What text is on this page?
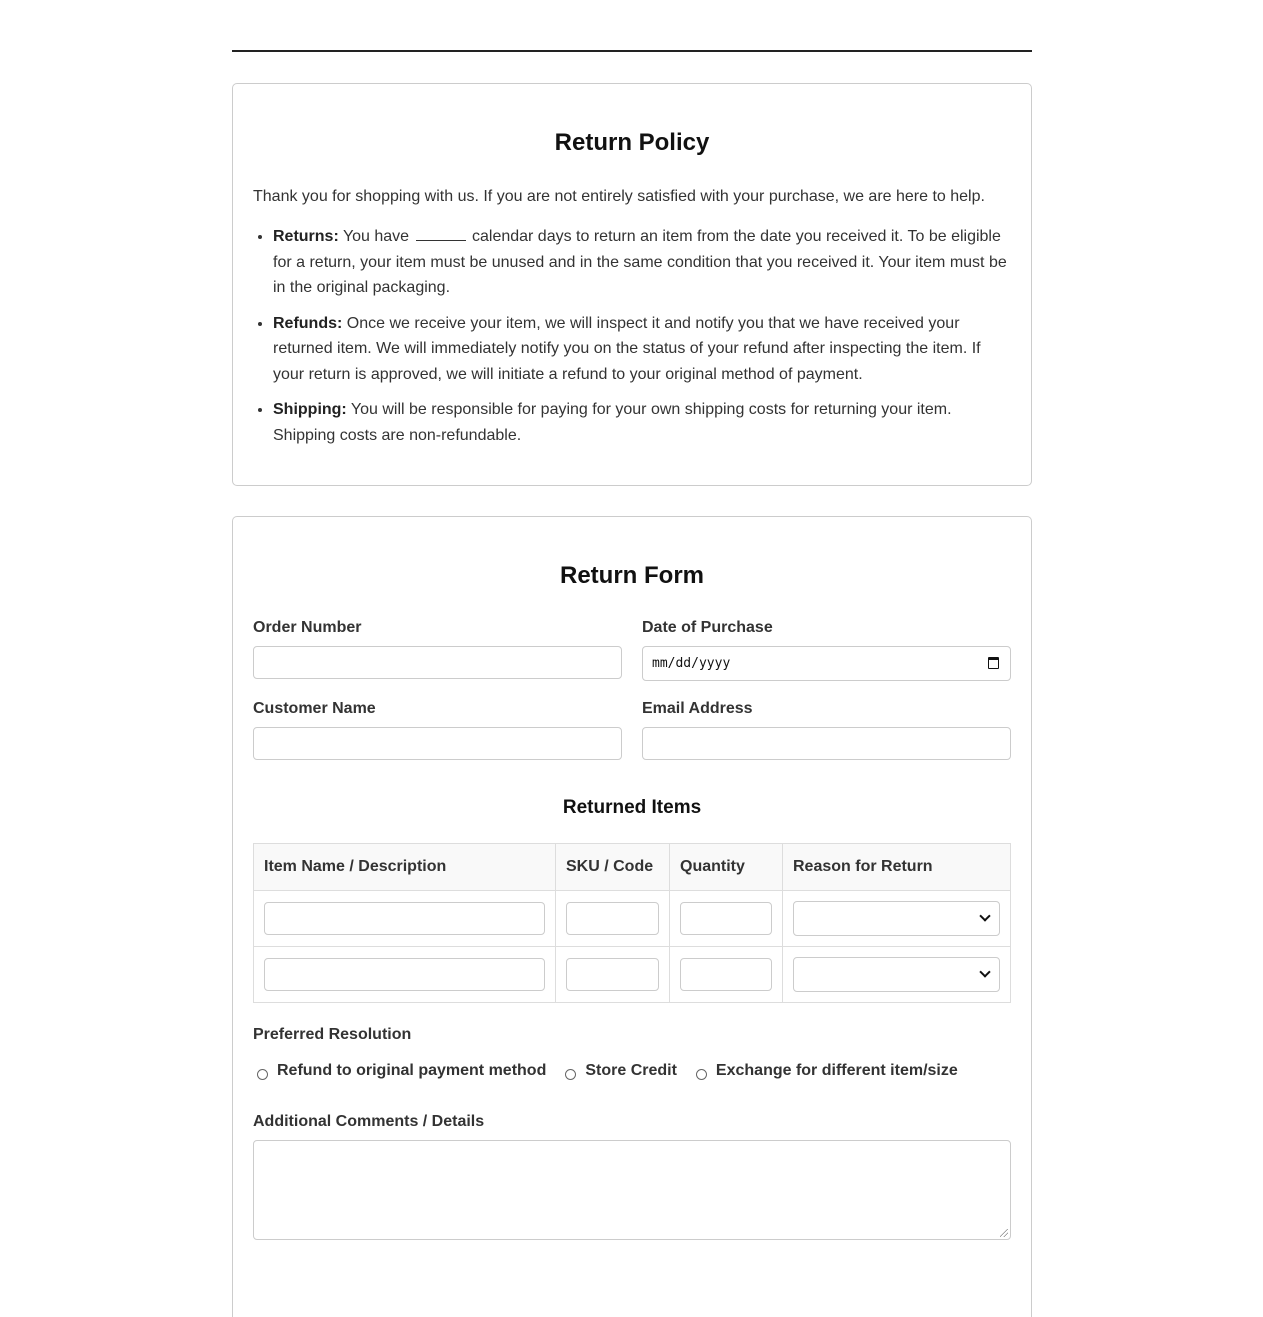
Return Policy

Thank you for shopping with us. If you are not entirely satisfied with your purchase, we are here to help.

• Returns: You have	calendar days to return an item from the date you received it. To be eligible for a return, your item must be unused and in the same condition that you received it. Your item must be in the original packaging.
• Refunds: Once we receive your item, we will inspect it and notify you that we have received your returned item. We will immediately notify you on the status of your refund after inspecting the item. If your return is approved, we will initiate a refund to your original method of payment.
• Shipping: You will be responsible for paying for your own shipping costs for returning your item. Shipping costs are non-refundable.
Return Form
Order Number	Date of Purchase
mm/dd/yyyy
Customer Name	Email Address
Returned Items
Item Name / Description	SKU / Code	Quantity	Reason for Return

Preferred Resolution
Refund to original payment method Store Credit Exchange for different item/size
Additional Comments / Details
